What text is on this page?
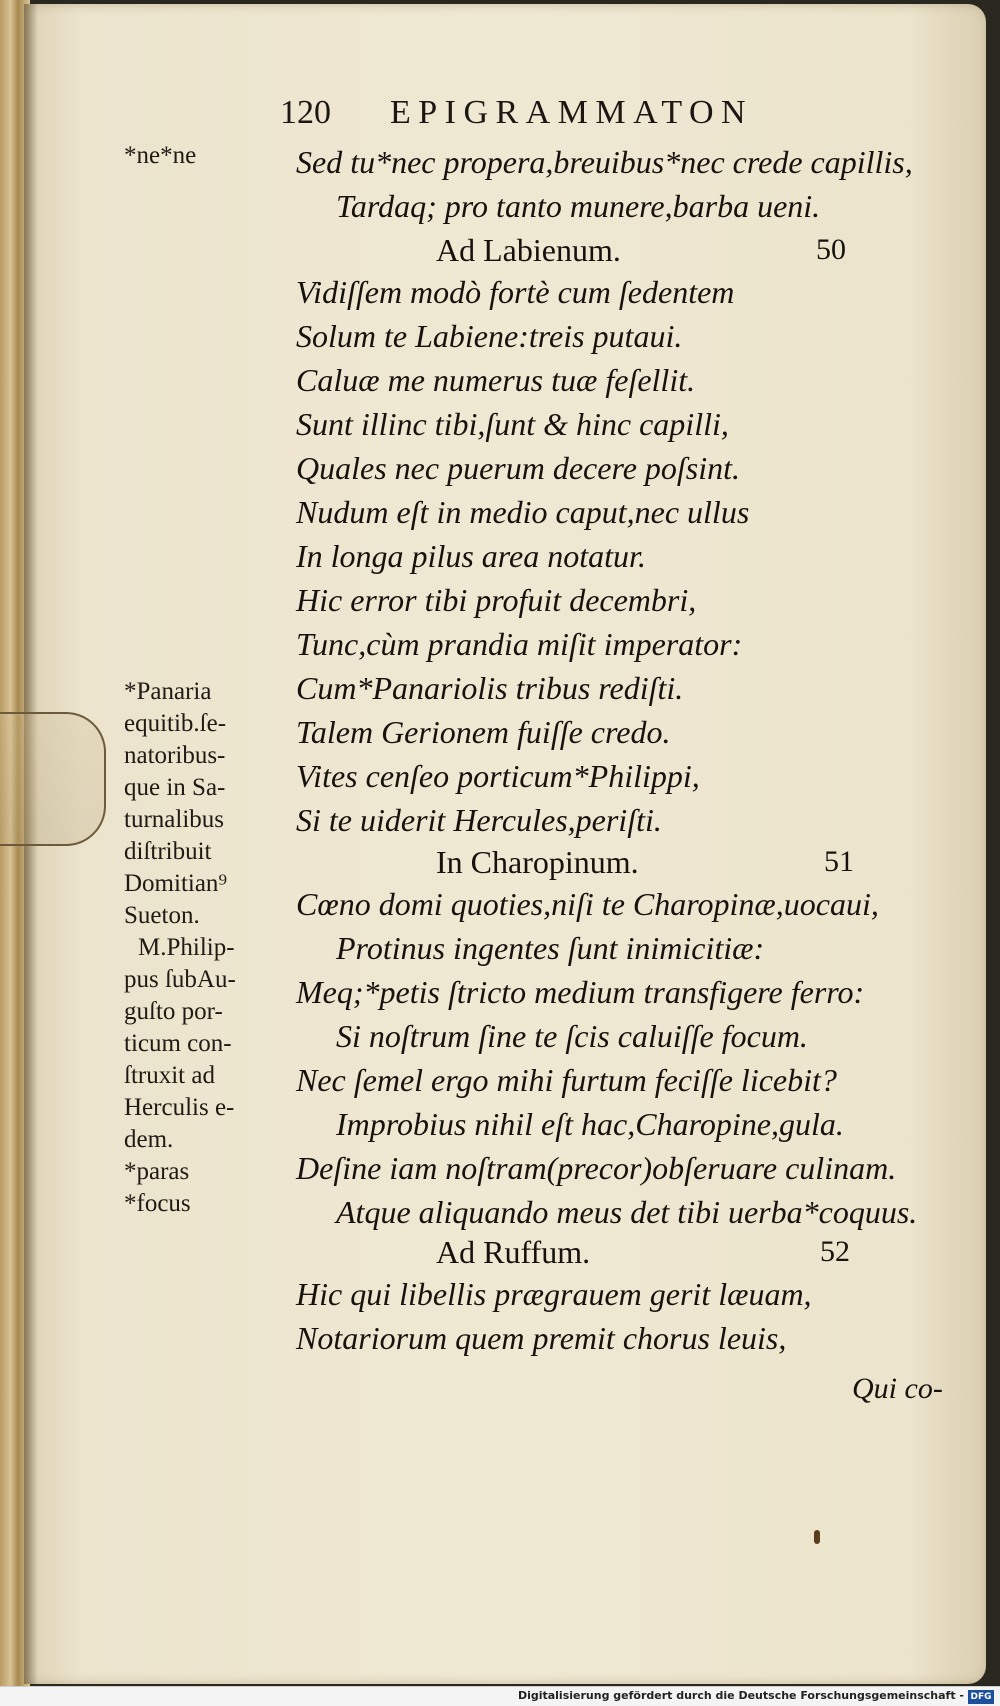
120 EPIGRAMMATON
*ne*ne
*Panaria
equitib.ſe-
natoribus-
que in Sa-
turnalibus
diſtribuit
Domitian⁹
Sueton.
M.Philip-
pus ſubAu-
guſto por-
ticum con-
ſtruxit ad
Herculis e-
dem.
*paras
*focus
Sed tu*nec propera,breuibus*nec crede capillis,
Tardaq; pro tanto munere,barba ueni.
Ad Labienum.	50
Vidiſſem modò fortè cum ſedentem
Solum te Labiene:treis putaui.
Caluæ me numerus tuæ feſellit.
Sunt illinc tibi,ſunt & hinc capilli,
Quales nec puerum decere poſsint.
Nudum eſt in medio caput,nec ullus
In longa pilus area notatur.
Hic error tibi profuit decembri,
Tunc,cùm prandia miſit imperator:
Cum*Panariolis tribus rediſti.
Talem Gerionem fuiſſe credo.
Vites cenſeo porticum*Philippi,
Si te uiderit Hercules,periſti.
In Charopinum.	51
Cœno domi quoties,niſi te Charopinæ,uocaui,
Protinus ingentes ſunt inimicitiæ:
Meq;*petis ſtricto medium transfigere ferro:
Si noſtrum ſine te ſcis caluiſſe focum.
Nec ſemel ergo mihi furtum feciſſe licebit?
Improbius nihil eſt hac,Charopine,gula.
Deſine iam noſtram(precor)obſeruare culinam.
Atque aliquando meus det tibi uerba*coquus.
Ad Ruffum.	52
Hic qui libellis prægrauem gerit læuam,
Notariorum quem premit chorus leuis,
Qui co-
Digitalisierung gefördert durch die Deutsche Forschungsgemeinschaft - DFG
